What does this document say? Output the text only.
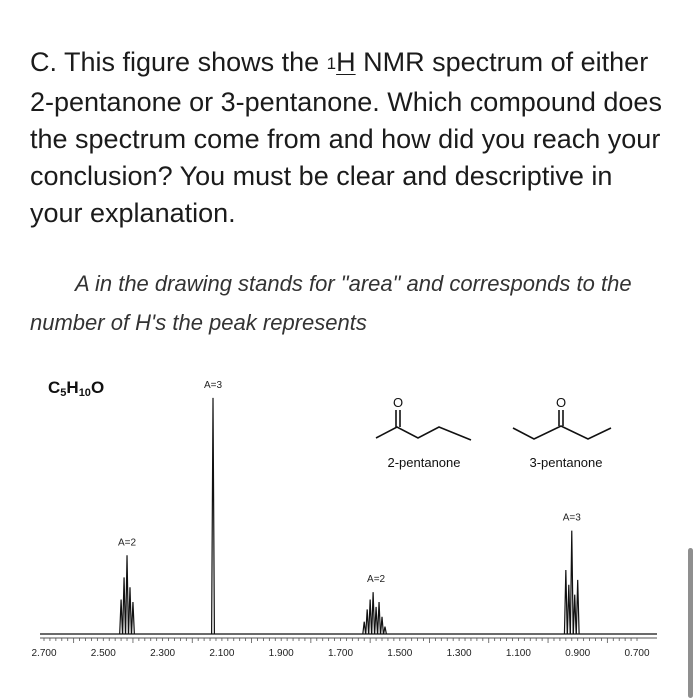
C. This figure shows the $^1$H NMR spectrum of either 2-pentanone or 3-pentanone. Which compound does the spectrum come from and how did you reach your conclusion? You must be clear and descriptive in your explanation.
A in the drawing stands for "area" and corresponds to the number of H's the peak represents
C5H10O
O
2-pentanone
O
3-pentanone
2.700	2.500	2.300	2.100	1.900	1.700	1.500	1.300	1.100	0.900	0.700
A=2
A=3
A=2
A=3
